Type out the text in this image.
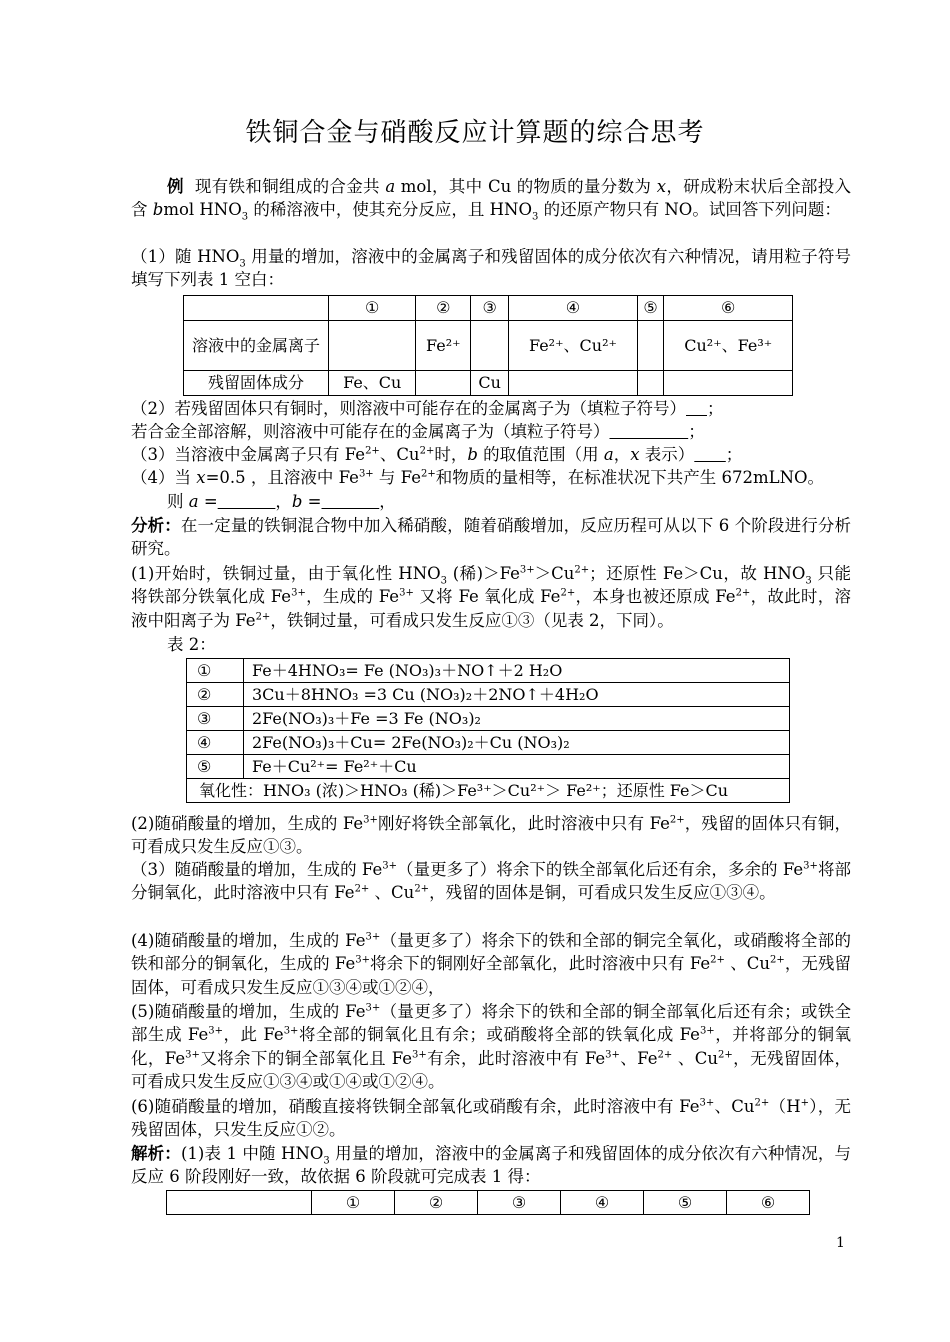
铁铜合金与硝酸反应计算题的综合思考
例  现有铁和铜组成的合金共 a mol，其中 Cu 的物质的量分数为 x，研成粉末状后全部投入含 bmol $HNO_3$ 的稀溶液中，使其充分反应，且 $HNO_3$ 的还原产物只有 NO。试回答下列问题：
（1）随 $HNO_3$ 用量的增加，溶液中的金属离子和残留固体的成分依次有六种情况，请用粒子符号填写下列表 1 空白：
	①	②	③	④	⑤	⑥
溶液中的金属离子		Fe²⁺		Fe²⁺、Cu²⁺		Cu²⁺、Fe³⁺
残留固体成分	Fe、Cu		Cu			
（2）若残留固体只有铜时，则溶液中可能存在的金属离子为（填粒子符号） ；
若合金全部溶解，则溶液中可能存在的金属离子为（填粒子符号）	；
（3）当溶液中金属离子只有 $Fe^{2+}$、$Cu^{2+}$时，b 的取值范围（用 a，x 表示） ；
（4）当 x=0.5 ，且溶液中 $Fe^{3+}$ 与 $Fe^{2+}$和物质的量相等，在标准状况下共产生 672mLNO。
则 a =	，b =	，
分析：在一定量的铁铜混合物中加入稀硝酸，随着硝酸增加，反应历程可从以下 6 个阶段进行分析研究。
(1)开始时，铁铜过量，由于氧化性 $HNO_3$ (稀)$>Fe^{3+}>Cu^{2+}$；还原性 Fe＞Cu，故 $HNO_3$ 只能将铁部分铁氧化成 $Fe^{3+}$，生成的 $Fe^{3+}$ 又将 Fe 氧化成 $Fe^{2+}$，本身也被还原成 $Fe^{2+}$，故此时，溶液中阳离子为 $Fe^{2+}$，铁铜过量，可看成只发生反应①③（见表 2，下同）。
表 2：
①	Fe＋4HNO₃= Fe (NO₃)₃＋NO↑＋2 H₂O
②	3Cu＋8HNO₃ =3 Cu (NO₃)₂＋2NO↑＋4H₂O
③	2Fe(NO₃)₃＋Fe =3 Fe (NO₃)₂
④	2Fe(NO₃)₃＋Cu= 2Fe(NO₃)₂＋Cu (NO₃)₂
⑤	Fe＋Cu²⁺= Fe²⁺＋Cu
氧化性：HNO₃ (浓)＞HNO₃ (稀)＞Fe³⁺＞Cu²⁺＞ Fe²⁺；还原性 Fe＞Cu	
(2)随硝酸量的增加，生成的 $Fe^{3+}$刚好将铁全部氧化，此时溶液中只有 $Fe^{2+}$，残留的固体只有铜，可看成只发生反应①③。
（3）随硝酸量的增加，生成的 $Fe^{3+}$（量更多了）将余下的铁全部氧化后还有余，多余的 $Fe^{3+}$将部分铜氧化，此时溶液中只有 $Fe^{2+}$ 、$Cu^{2+}$，残留的固体是铜，可看成只发生反应①③④。
(4)随硝酸量的增加，生成的 $Fe^{3+}$（量更多了）将余下的铁和全部的铜完全氧化，或硝酸将全部的铁和部分的铜氧化，生成的 $Fe^{3+}$将余下的铜刚好全部氧化，此时溶液中只有 $Fe^{2+}$ 、$Cu^{2+}$，无残留固体，可看成只发生反应①③④或①②④，
(5)随硝酸量的增加，生成的 $Fe^{3+}$（量更多了）将余下的铁和全部的铜全部氧化后还有余；或铁全部生成 $Fe^{3+}$，此 $Fe^{3+}$将全部的铜氧化且有余；或硝酸将全部的铁氧化成 $Fe^{3+}$，并将部分的铜氧化，$Fe^{3+}$又将余下的铜全部氧化且 $Fe^{3+}$有余，此时溶液中有 $Fe^{3+}$、$Fe^{2+}$ 、$Cu^{2+}$，无残留固体，可看成只发生反应①③④或①④或①②④。
(6)随硝酸量的增加，硝酸直接将铁铜全部氧化或硝酸有余，此时溶液中有 $Fe^{3+}$、$Cu^{2+}(H^+)$，无残留固体，只发生反应①②。
解析：(1)表 1 中随 $HNO_3$ 用量的增加，溶液中的金属离子和残留固体的成分依次有六种情况，与反应 6 阶段刚好一致，故依据 6 阶段就可完成表 1 得：
	①	②	③	④	⑤	⑥
1
